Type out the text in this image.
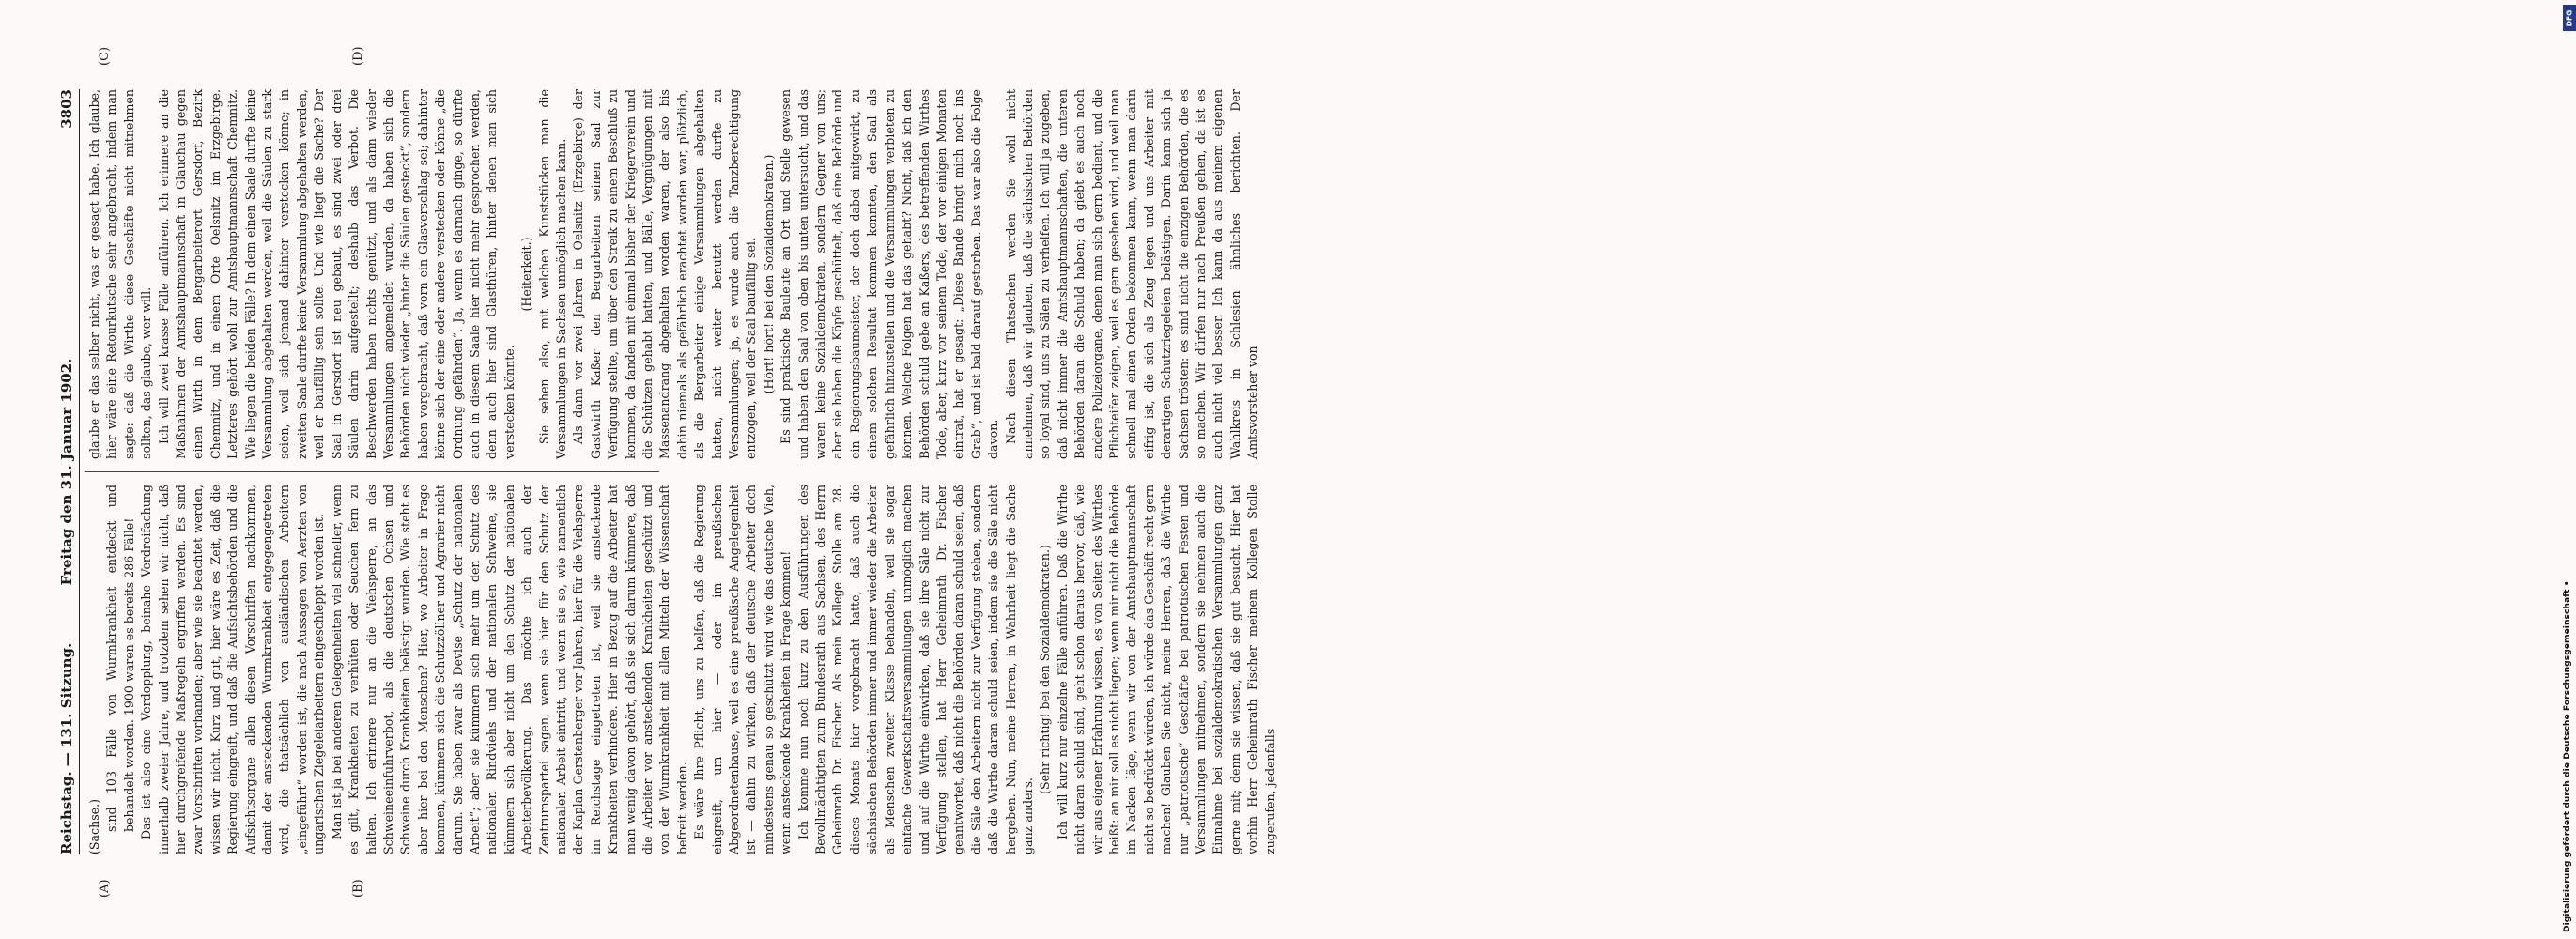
Reichstag. — 131. Sitzung.
Freitag den 31. Januar 1902.
3803
(A)	(B)
(C)	(D)

(Sachse.) sind 103 Fälle von Wurmkrankheit entdeckt und behandelt worden. 1900 waren es bereits 286 Fälle! Das ist also eine Verdopplung, beinahe Verdreifachung innerhalb zweier Jahre, und trotzdem sehen wir nicht, daß hier durchgreifende Maßregeln ergriffen werden. Es sind zwar Vorschriften vorhanden; aber wie sie beachtet werden, wissen wir nicht. Kurz und gut, hier wäre es Zeit, daß die Regierung eingreift, und daß die Aufsichtsbehörden und die Aufsichtsorgane allen diesen Vorschriften nachkommen, damit der ansteckenden Wurmkrankheit entgegengetreten wird, die thatsächlich von ausländischen Arbeitern „eingeführt“ worden ist, die nach Aussagen von Aerzten von ungarischen Ziegeleiarbeitern eingeschleppt worden ist. Man ist ja bei anderen Gelegenheiten viel schneller, wenn es gilt, Krankheiten zu verhüten oder Seuchen fern zu halten. Ich erinnere nur an die Viehsperre, an das Schweineeinfuhrverbot, als die deutschen Ochsen und Schweine durch Krankheiten belästigt wurden. Wie steht es aber hier bei den Menschen? Hier, wo Arbeiter in Frage kommen, kümmern sich die Schutzzöllner und Agrarier nicht darum. Sie haben zwar als Devise „Schutz der nationalen Arbeit“; aber sie kümmern sich mehr um den Schutz des nationalen Rindviehs und der nationalen Schweine, sie kümmern sich aber nicht um den Schutz der nationalen Arbeiterbevölkerung. Das möchte ich auch der Zentrumspartei sagen, wenn sie hier für den Schutz der nationalen Arbeit eintritt, und wenn sie so, wie namentlich der Kaplan Gerstenberger vor Jahren, hier für die Viehsperre im Reichstage eingetreten ist, weil sie ansteckende Krankheiten verhindere. Hier in Bezug auf die Arbeiter hat man wenig davon gehört, daß sie sich darum kümmere, daß die Arbeiter vor ansteckenden Krankheiten geschützt und von der Wurmkrankheit mit allen Mitteln der Wissenschaft befreit werden. Es wäre Ihre Pflicht, uns zu helfen, daß die Regierung eingreift, um hier — oder im preußischen Abgeordnetenhause, weil es eine preußische Angelegenheit ist — dahin zu wirken, daß der deutsche Arbeiter doch mindestens genau so geschützt wird wie das deutsche Vieh, wenn ansteckende Krankheiten in Frage kommen! Ich komme nun noch kurz zu den Ausführungen des Bevollmächtigten zum Bundesrath aus Sachsen, des Herrn Geheimrath Dr. Fischer. Als mein Kollege Stolle am 28. dieses Monats hier vorgebracht hatte, daß auch die sächsischen Behörden immer und immer wieder die Arbeiter als Menschen zweiter Klasse behandeln, weil sie sogar einfache Gewerkschaftsversammlungen unmöglich machen und auf die Wirthe einwirken, daß sie ihre Säle nicht zur Verfügung stellen, hat Herr Geheimrath Dr. Fischer geantwortet, daß nicht die Behörden daran schuld seien, daß die Säle den Arbeitern nicht zur Verfügung stehen, sondern daß die Wirthe daran schuld seien, indem sie die Säle nicht hergeben. Nun, meine Herren, in Wahrheit liegt die Sache ganz anders.

(Sehr richtig! bei den Sozialdemokraten.) Ich will kurz nur einzelne Fälle anführen. Daß die Wirthe nicht daran schuld sind, geht schon daraus hervor, daß, wie wir aus eigener Erfahrung wissen, es von Seiten des Wirthes heißt: an mir soll es nicht liegen; wenn mir nicht die Behörde im Nacken läge, wenn wir von der Amtshauptmannschaft nicht so bedrückt würden, ich würde das Geschäft recht gern machen! Glauben Sie nicht, meine Herren, daß die Wirthe nur „patriotische“ Geschäfte bei patriotischen Festen und Versammlungen mitnehmen, sondern sie nehmen auch die Einnahme bei sozialdemokratischen Versammlungen ganz gerne mit; denn sie wissen, daß sie gut besucht. Hier hat vorhin Herr Geheimrath Fischer meinem Kollegen Stolle zugerufen, jedenfalls

glaube er das selber nicht, was er gesagt habe. Ich glaube, hier wäre eine Retourkutsche sehr angebracht, indem man sagte: daß die Wirthe diese Geschäfte nicht mitnehmen sollten, das glaube, wer will. Ich will zwei krasse Fälle anführen. Ich erinnere an die Maßnahmen der Amtshauptmannschaft in Glauchau gegen einen Wirth in dem Bergarbeiterort Gersdorf, Bezirk Chemnitz, und in einem Orte Oelsnitz im Erzgebirge. Letzteres gehört wohl zur Amtshauptmannschaft Chemnitz. Wie liegen die beiden Fälle? In dem einen Saale durfte keine Versammlung abgehalten werden, weil die Säulen zu stark seien, weil sich jemand dahinter verstecken könne; in zweiten Saale durfte keine Versammlung abgehalten werden, weil er baufällig sein sollte. Und wie liegt die Sache? Der Saal in Gersdorf ist neu gebaut, es sind zwei oder drei Säulen darin aufgestellt; deshalb das Verbot. Die Beschwerden haben nichts genützt, und als dann wieder Versammlungen angemeldet wurden, da haben sich die Behörden nicht wieder „hinter die Säulen gesteckt“, sondern haben vorgebracht, daß vorn ein Glasverschlag sei; dahinter könne sich der eine oder andere verstecken oder könne „die Ordnung gefährden“. Ja, wenn es darnach ginge, so dürfte auch in diesem Saale hier nicht mehr gesprochen werden, denn auch hier sind Glasthüren, hinter denen man sich verstecken könnte.

(Heiterkeit.) Sie sehen also, mit welchen Kunststücken man die Versammlungen in Sachsen unmöglich machen kann. Als dann vor zwei Jahren in Oelsnitz (Erzgebirge) der Gastwirth Kaßer den Bergarbeitern seinen Saal zur Verfügung stellte, um über den Streik zu einem Beschluß zu kommen, da fanden mit einmal bisher der Kriegerverein und die Schützen gehabt hatten, und Bälle, Vergnügungen mit Massenandrang abgehalten worden waren, der also bis dahin niemals als gefährlich erachtet worden war, plötzlich, als die Bergarbeiter einige Versammlungen abgehalten hatten, nicht weiter benutzt werden durfte zu Versammlungen; ja, es wurde auch die Tanzberechtigung entzogen, weil der Saal baufällig sei. (Hört! hört! bei den Sozialdemokraten.) Es sind praktische Bauleute an Ort und Stelle gewesen und haben den Saal von oben bis unten untersucht, und das waren keine Sozialdemokraten, sondern Gegner von uns; aber sie haben die Köpfe geschüttelt, daß eine Behörde und ein Regierungsbaumeister, der doch dabei mitgewirkt, zu einem solchen Resultat kommen konnten, den Saal als gefährlich hinzustellen und die Versammlungen verbieten zu können. Welche Folgen hat das gehabt? Nicht, daß ich den Behörden schuld gebe an Kaßers, des betreffenden Wirthes Tode, aber, kurz vor seinem Tode, der vor einigen Monaten eintrat, hat er gesagt: „Diese Bande bringt mich noch ins Grab“, und ist bald darauf gestorben. Das war also die Folge davon. Nach diesen Thatsachen werden Sie wohl nicht annehmen, daß wir glauben, daß die sächsischen Behörden so loyal sind, uns zu Sälen zu verhelfen. Ich will ja zugeben, daß nicht immer die Amtshauptmannschaften, die unteren Behörden daran die Schuld haben; da giebt es auch noch andere Polizeiorgane, denen man sich gern bedient, und die Pflichteifer zeigen, weil es gern gesehen wird, und weil man schnell mal einen Orden bekommen kann, wenn man darin eifrig ist, die sich als Zeug legen und uns Arbeiter mit derartigen Schutzriegeleien belästigen. Darin kann sich ja Sachsen trösten: es sind nicht die einzigen Behörden, die es so machen. Wir dürfen nur nach Preußen gehen, da ist es auch nicht viel besser. Ich kann da aus meinem eigenen Wahlkreis in Schlesien ähnliches berichten. Der Amtsvorsteher von

DFG
Digitalisierung gefördert durch die Deutsche Forschungsgemeinschaft •
